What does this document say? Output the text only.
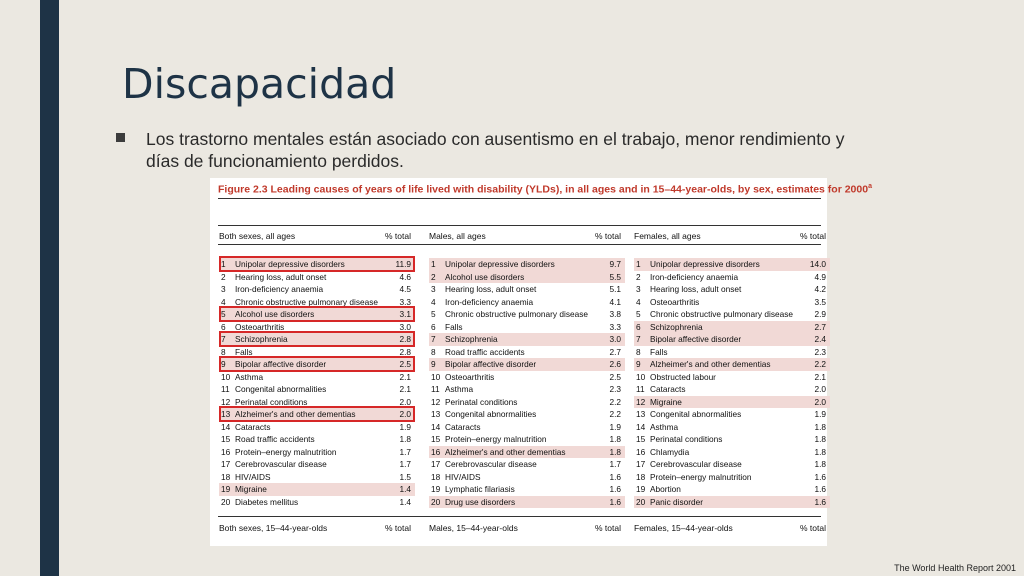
Discapacidad
Los trastorno mentales están asociado con ausentismo en el trabajo, menor rendimiento y días de funcionamiento perdidos.
Figure 2.3 Leading causes of years of life lived with disability (YLDs), in all ages and in 15–44-year-olds, by sex, estimates for 2000$^a$
Both sexes, all ages	% total
1	Unipolar depressive disorders	11.9
2	Hearing loss, adult onset	4.6
3	Iron-deficiency anaemia	4.5
4	Chronic obstructive pulmonary disease	3.3
5	Alcohol use disorders	3.1
6	Osteoarthritis	3.0
7	Schizophrenia	2.8
8	Falls	2.8
9	Bipolar affective disorder	2.5
10 Asthma	2.1
11 Congenital abnormalities	2.1
12 Perinatal conditions	2.0
13 Alzheimer's and other dementias	2.0
14 Cataracts	1.9
15 Road traffic accidents	1.8
16 Protein–energy malnutrition	1.7
17 Cerebrovascular disease	1.7
18 HIV/AIDS	1.5
19 Migraine	1.4
20 Diabetes mellitus	1.4
Both sexes, 15–44-year-olds	% total
Males, all ages	% total
1	Unipolar depressive disorders	9.7
2	Alcohol use disorders	5.5
3	Hearing loss, adult onset	5.1
4	Iron-deficiency anaemia	4.1
5	Chronic obstructive pulmonary disease	3.8
6	Falls	3.3
7	Schizophrenia	3.0
8	Road traffic accidents	2.7
9	Bipolar affective disorder	2.6
10 Osteoarthritis	2.5
11 Asthma	2.3
12 Perinatal conditions	2.2
13 Congenital abnormalities	2.2
14 Cataracts	1.9
15 Protein–energy malnutrition	1.8
16 Alzheimer's and other dementias	1.8
17 Cerebrovascular disease	1.7
18 HIV/AIDS	1.6
19 Lymphatic filariasis	1.6
20 Drug use disorders	1.6
Males, 15–44-year-olds	% total
Females, all ages	% total
1	Unipolar depressive disorders	14.0
2	Iron-deficiency anaemia	4.9
3	Hearing loss, adult onset	4.2
4	Osteoarthritis	3.5
5	Chronic obstructive pulmonary disease	2.9
6	Schizophrenia	2.7
7	Bipolar affective disorder	2.4
8	Falls	2.3
9	Alzheimer's and other dementias	2.2
10 Obstructed labour	2.1
11 Cataracts	2.0
12 Migraine	2.0
13 Congenital abnormalities	1.9
14 Asthma	1.8
15 Perinatal conditions	1.8
16 Chlamydia	1.8
17 Cerebrovascular disease	1.8
18 Protein–energy malnutrition	1.6
19 Abortion	1.6
20 Panic disorder	1.6
Females, 15–44-year-olds	% total
The World Health Report 2001
